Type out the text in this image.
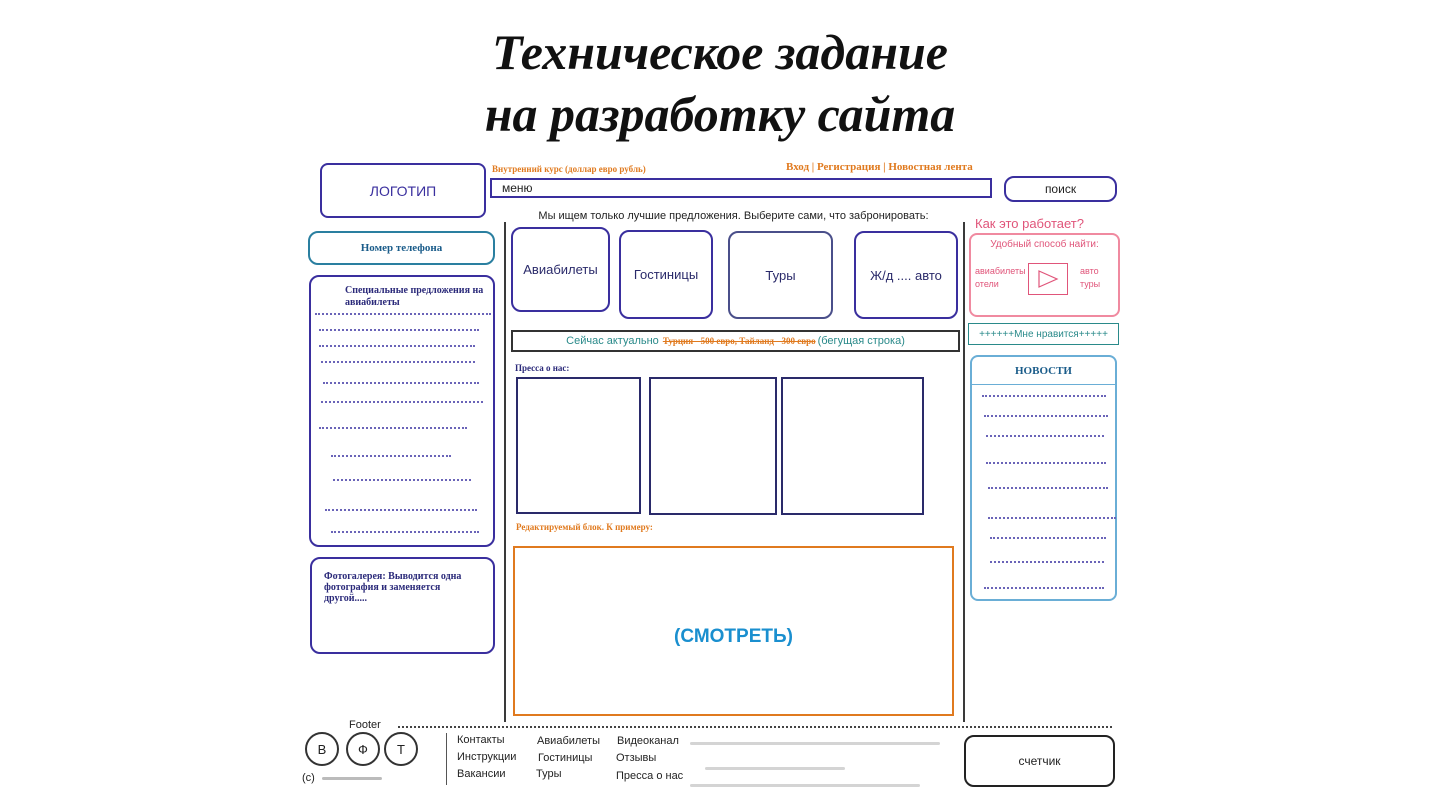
Техническое задание
на разработку сайта
ЛОГОТИП
Внутренний курс (доллар евро рубль)	Вход | Регистрация | Новостная лента
меню	поиск
Номер телефона
Специальные предложения на авиабилеты
Фотогалерея: Выводится одна фотография и заменяется другой.....
Мы ищем только лучшие предложения. Выберите сами, что забронировать:
Авиабилеты	Гостиницы	Туры	Ж/д .... авто
Сейчас актуально Турция - 500 евро, Тайланд - 300 евро (бегущая строка)
Пресса о нас:
Редактируемый блок. К примеру:
(СМОТРЕТЬ)
Как это работает?
Удобный способ найти:
авиабилеты
отели
авто
туры
++++++Мне нравится+++++
НОВОСТИ
Footer
В	Ф	Т
(c)
Контакты
Инструкции
Вакансии
Авиабилеты
Гостиницы
Туры
Видеоканал
Отзывы
Пресса о нас
счетчик
